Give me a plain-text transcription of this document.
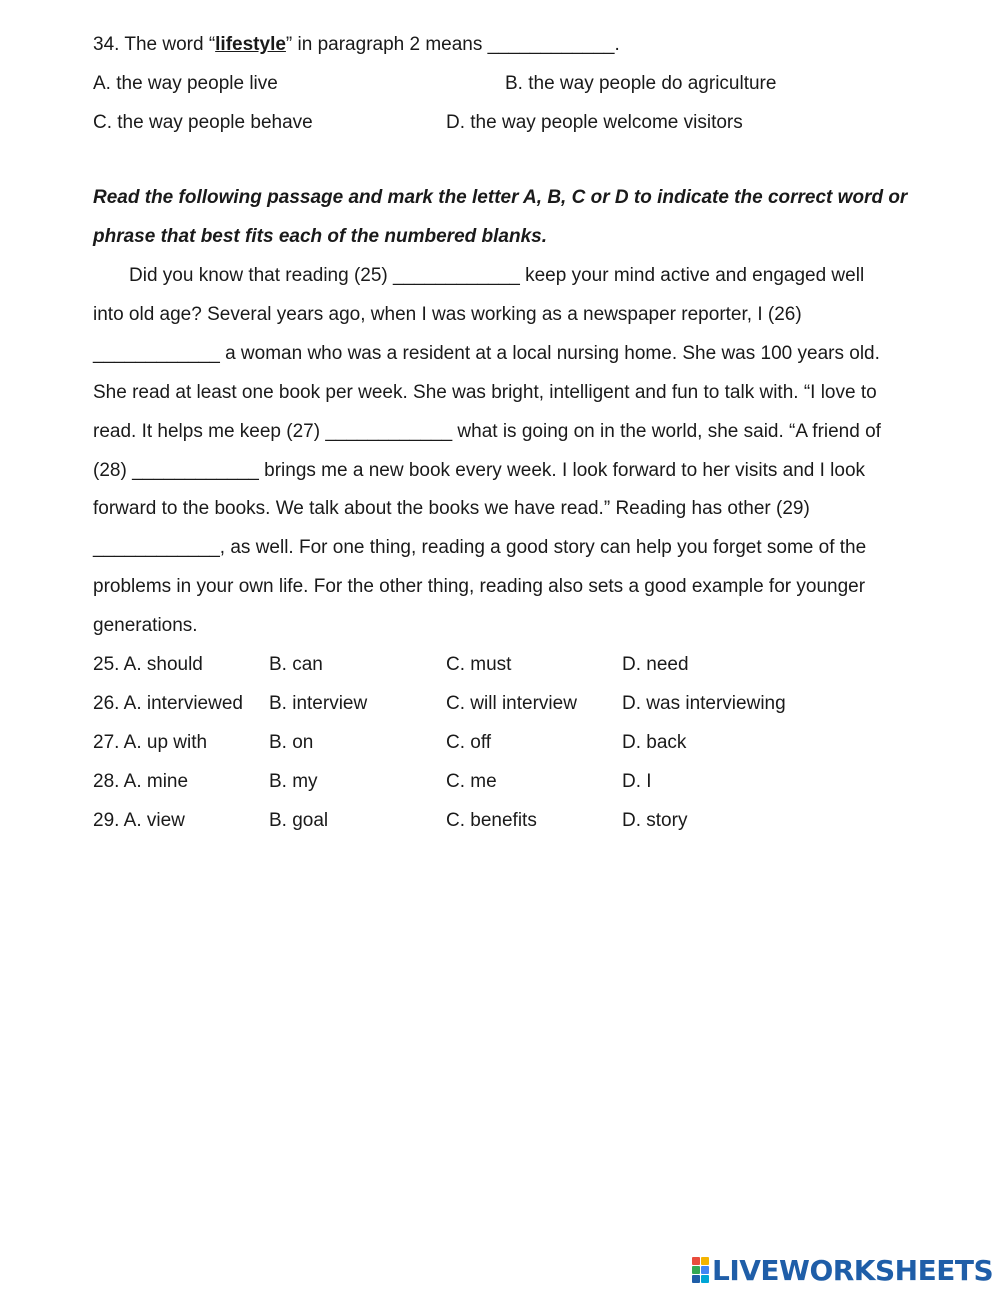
34. The word “lifestyle” in paragraph 2 means ____________.
A. the way people live	B. the way people do agriculture
C. the way people behave	D. the way people welcome visitors
Read the following passage and mark the letter A, B, C or D to indicate the correct word or
phrase that best fits each of the numbered blanks.
Did you know that reading (25) ____________ keep your mind active and engaged well
into old age? Several years ago, when I was working as a newspaper reporter, I (26)
____________ a woman who was a resident at a local nursing home. She was 100 years old.
She read at least one book per week. She was bright, intelligent and fun to talk with. “I love to
read. It helps me keep (27) ____________ what is going on in the world, she said. “A friend of
(28) ____________ brings me a new book every week. I look forward to her visits and I look
forward to the books. We talk about the books we have read.” Reading has other (29)
____________, as well. For one thing, reading a good story can help you forget some of the
problems in your own life. For the other thing, reading also sets a good example for younger
generations.
25. A. should	B. can	C. must	D. need
26. A. interviewed B. interview	C. will interview D. was interviewing
27. A. up with	B. on	C. off	D. back
28. A. mine	B. my	C. me	D. I
29. A. view	B. goal	C. benefits	D. story
LIVEWORKSHEETS
